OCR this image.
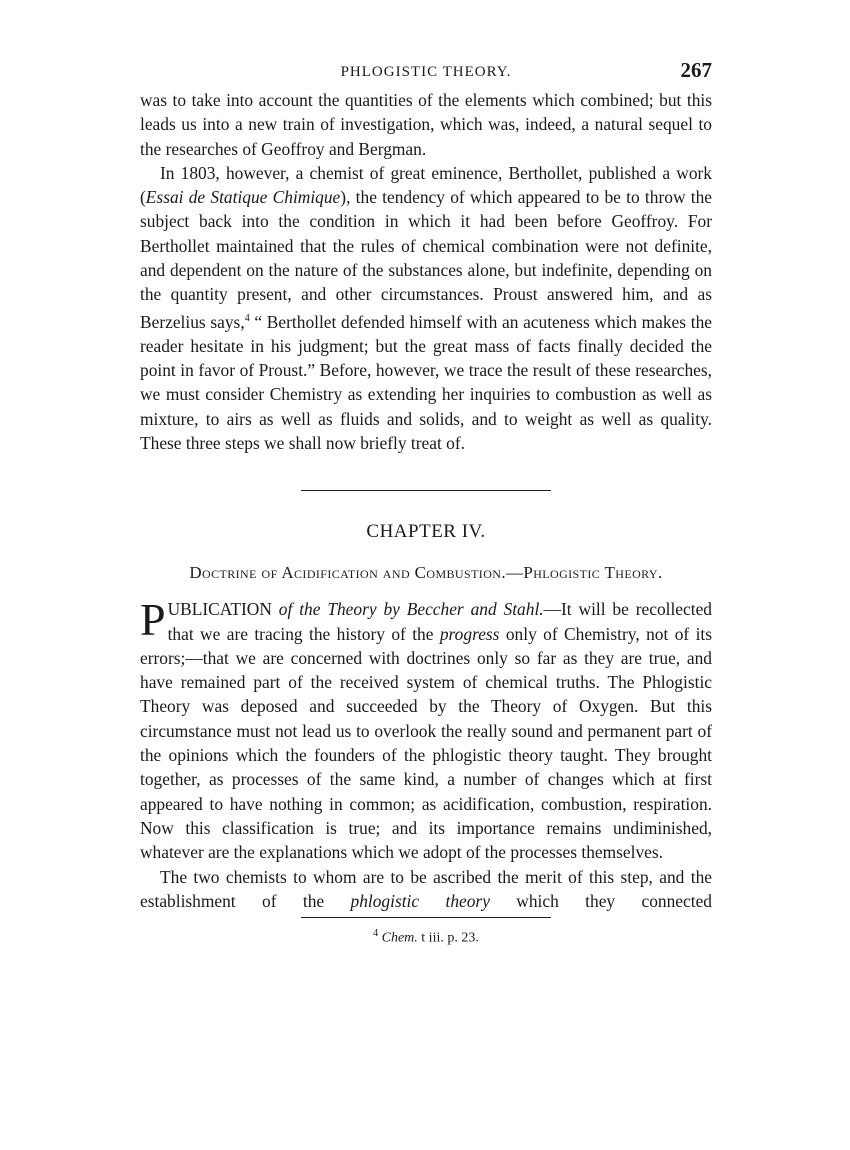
PHLOGISTIC THEORY.	267

was to take into account the quantities of the elements which combined; but this leads us into a new train of investigation, which was, indeed, a natural sequel to the researches of Geoffroy and Bergman.

In 1803, however, a chemist of great eminence, Berthollet, published a work (Essai de Statique Chimique), the tendency of which appeared to be to throw the subject back into the condition in which it had been before Geoffroy. For Berthollet maintained that the rules of chemical combination were not definite, and dependent on the nature of the substances alone, but indefinite, depending on the quantity present, and other circumstances. Proust answered him, and as Berzelius says,$^4$ “ Berthollet defended himself with an acuteness which makes the reader hesitate in his judgment; but the great mass of facts finally decided the point in favor of Proust.” Before, however, we trace the result of these researches, we must consider Chemistry as extending her inquiries to combustion as well as mixture, to airs as well as fluids and solids, and to weight as well as quality. These three steps we shall now briefly treat of.

CHAPTER IV.
Doctrine of Acidification and Combustion.—Phlogistic Theory.

PUBLICATION of the Theory by Beccher and Stahl.—It will be recollected that we are tracing the history of the progress only of Chemistry, not of its errors;—that we are concerned with doctrines only so far as they are true, and have remained part of the received system of chemical truths. The Phlogistic Theory was deposed and succeeded by the Theory of Oxygen. But this circumstance must not lead us to overlook the really sound and permanent part of the opinions which the founders of the phlogistic theory taught. They brought together, as processes of the same kind, a number of changes which at first appeared to have nothing in common; as acidification, combustion, respiration. Now this classification is true; and its importance remains undiminished, whatever are the explanations which we adopt of the processes themselves.

The two chemists to whom are to be ascribed the merit of this step, and the establishment of the phlogistic theory which they connected

$^4$ Chem. t iii. p. 23.
